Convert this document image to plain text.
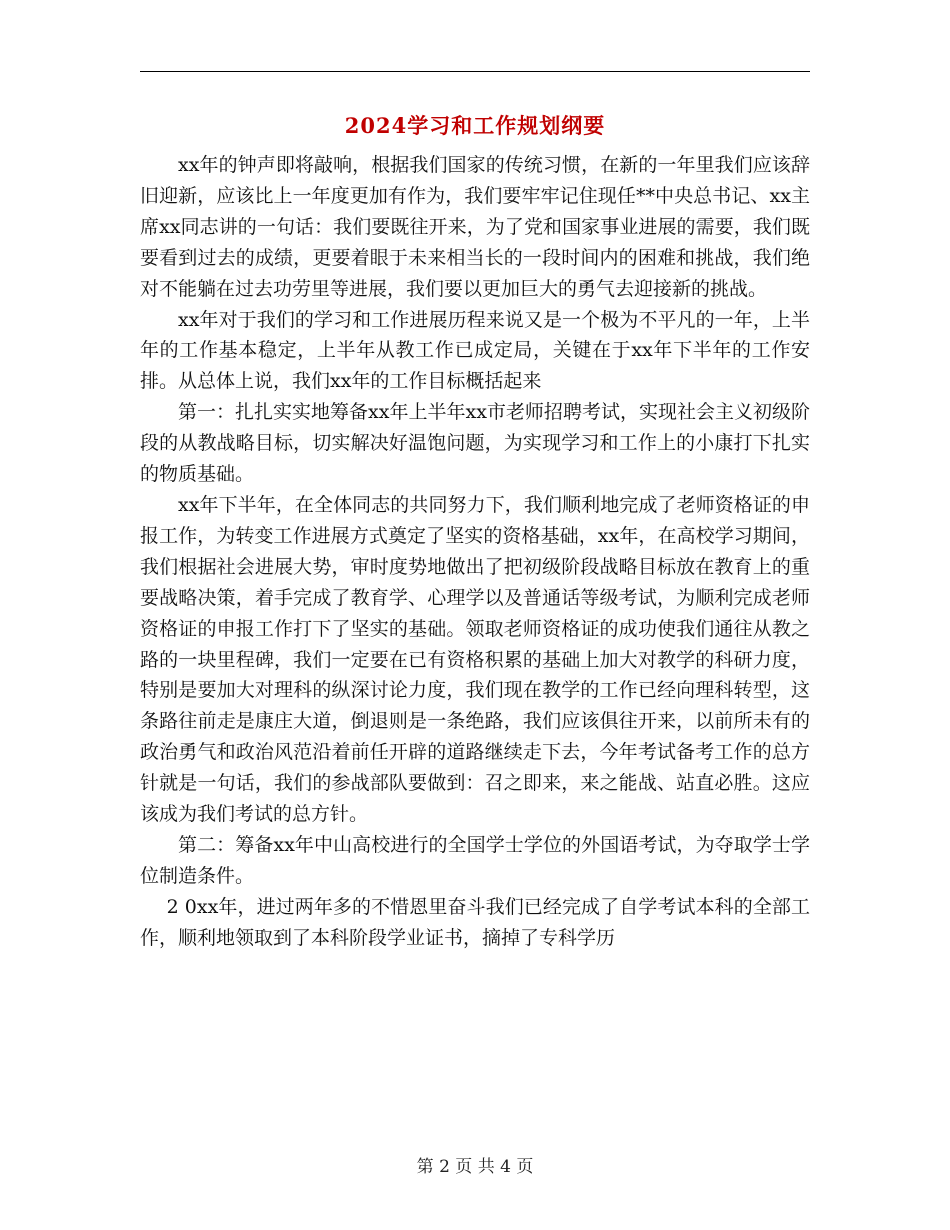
2024学习和工作规划纲要

xx年的钟声即将敲响，根据我们国家的传统习惯，在新的一年里我们应该辞旧迎新，应该比上一年度更加有作为，我们要牢牢记住现任**中央总书记、xx主席xx同志讲的一句话：我们要既往开来，为了党和国家事业进展的需要，我们既要看到过去的成绩，更要着眼于未来相当长的一段时间内的困难和挑战，我们绝对不能躺在过去功劳里等进展，我们要以更加巨大的勇气去迎接新的挑战。

xx年对于我们的学习和工作进展历程来说又是一个极为不平凡的一年，上半年的工作基本稳定，上半年从教工作已成定局，关键在于xx年下半年的工作安排。从总体上说，我们xx年的工作目标概括起来

第一：扎扎实实地筹备xx年上半年xx市老师招聘考试，实现社会主义初级阶段的从教战略目标，切实解决好温饱问题，为实现学习和工作上的小康打下扎实的物质基础。

xx年下半年，在全体同志的共同努力下，我们顺利地完成了老师资格证的申报工作，为转变工作进展方式奠定了坚实的资格基础，xx年，在高校学习期间，我们根据社会进展大势，审时度势地做出了把初级阶段战略目标放在教育上的重要战略决策，着手完成了教育学、心理学以及普通话等级考试，为顺利完成老师资格证的申报工作打下了坚实的基础。领取老师资格证的成功使我们通往从教之路的一块里程碑，我们一定要在已有资格积累的基础上加大对教学的科研力度，特别是要加大对理科的纵深讨论力度，我们现在教学的工作已经向理科转型，这条路往前走是康庄大道，倒退则是一条绝路，我们应该俱往开来，以前所未有的政治勇气和政治风范沿着前任开辟的道路继续走下去，今年考试备考工作的总方针就是一句话，我们的参战部队要做到：召之即来，来之能战、站直必胜。这应该成为我们考试的总方针。

第二：筹备xx年中山高校进行的全国学士学位的外国语考试，为夺取学士学位制造条件。

2 0xx年，进过两年多的不惜恩里奋斗我们已经完成了自学考试本科的全部工作，顺利地领取到了本科阶段学业证书，摘掉了专科学历

第 2 页 共 4 页
